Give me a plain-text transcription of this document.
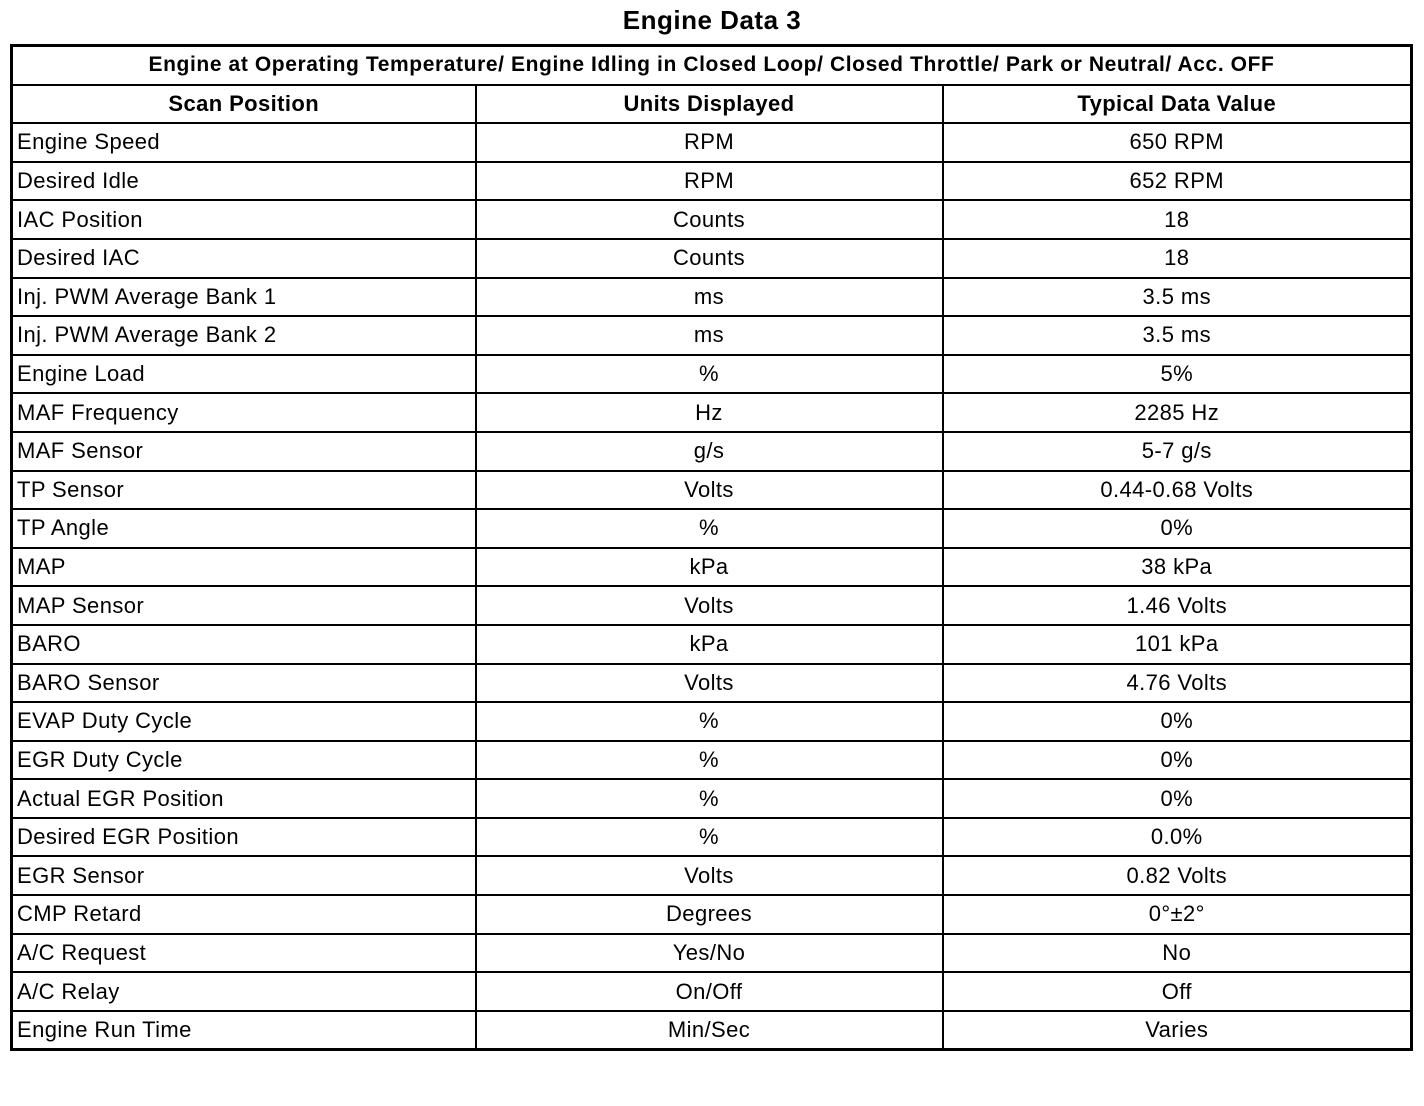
Engine Data 3
Engine at Operating Temperature/ Engine Idling in Closed Loop/ Closed Throttle/ Park or Neutral/ Acc. OFF		
Scan Position	Units Displayed	Typical Data Value
Engine Speed	RPM	650 RPM
Desired Idle	RPM	652 RPM
IAC Position	Counts	18
Desired IAC	Counts	18
Inj. PWM Average Bank 1	ms	3.5 ms
Inj. PWM Average Bank 2	ms	3.5 ms
Engine Load	%	5%
MAF Frequency	Hz	2285 Hz
MAF Sensor	g/s	5-7 g/s
TP Sensor	Volts	0.44-0.68 Volts
TP Angle	%	0%
MAP	kPa	38 kPa
MAP Sensor	Volts	1.46 Volts
BARO	kPa	101 kPa
BARO Sensor	Volts	4.76 Volts
EVAP Duty Cycle	%	0%
EGR Duty Cycle	%	0%
Actual EGR Position	%	0%
Desired EGR Position	%	0.0%
EGR Sensor	Volts	0.82 Volts
CMP Retard	Degrees	0°±2°
A/C Request	Yes/No	No
A/C Relay	On/Off	Off
Engine Run Time	Min/Sec	Varies
